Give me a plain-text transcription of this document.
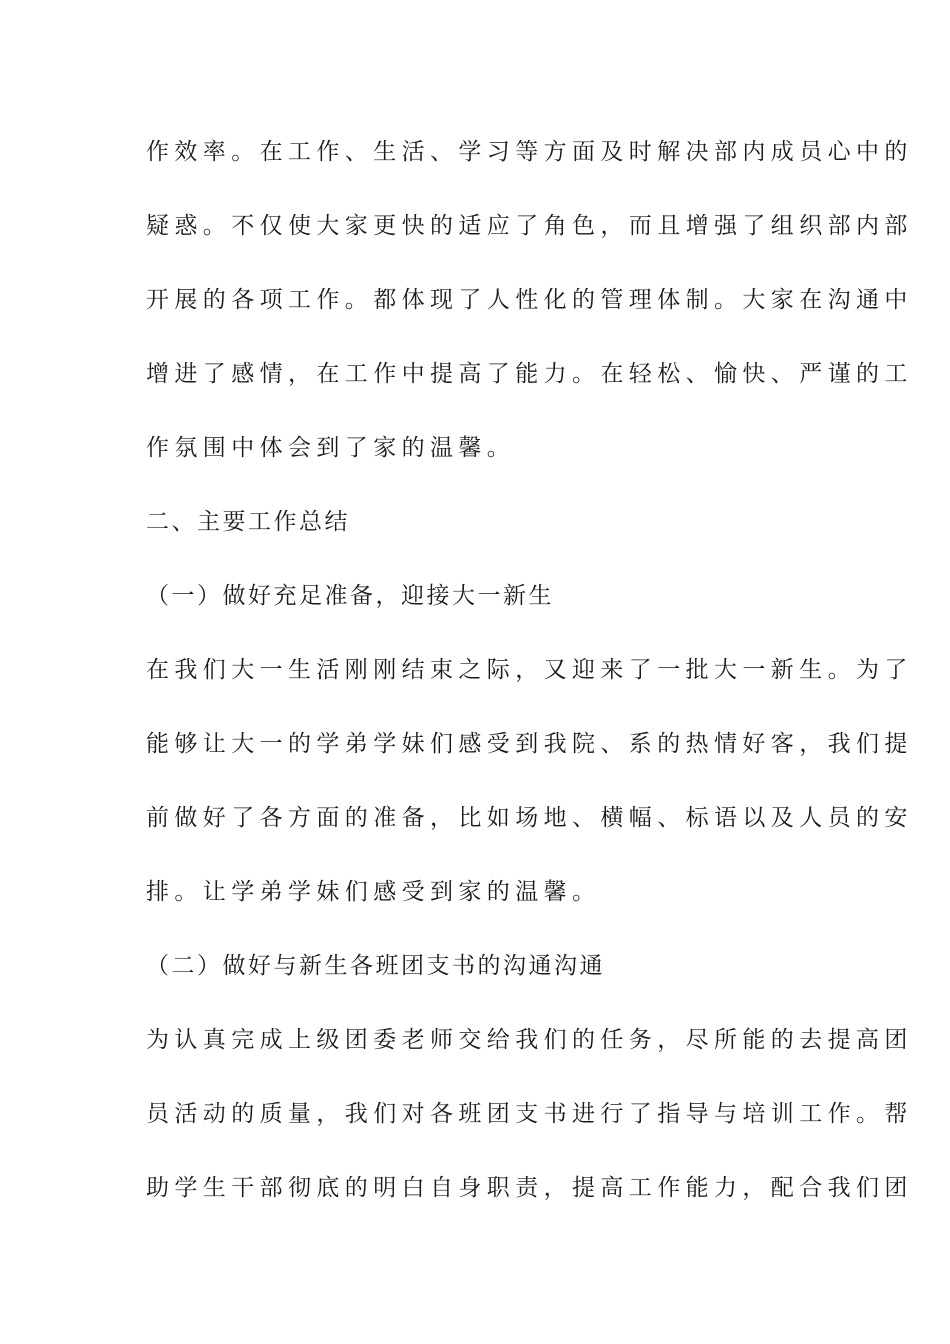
作效率。在工作、生活、学习等方面及时解决部内成员心中的
疑惑。不仅使大家更快的适应了角色，而且增强了组织部内部
开展的各项工作。都体现了人性化的管理体制。大家在沟通中
增进了感情，在工作中提高了能力。在轻松、愉快、严谨的工
作氛围中体会到了家的温馨。
二、主要工作总结
（一）做好充足准备，迎接大一新生
在我们大一生活刚刚结束之际，又迎来了一批大一新生。为了
能够让大一的学弟学妹们感受到我院、系的热情好客，我们提
前做好了各方面的准备，比如场地、横幅、标语以及人员的安
排。让学弟学妹们感受到家的温馨。
（二）做好与新生各班团支书的沟通沟通
为认真完成上级团委老师交给我们的任务，尽所能的去提高团
员活动的质量，我们对各班团支书进行了指导与培训工作。帮
助学生干部彻底的明白自身职责，提高工作能力，配合我们团
